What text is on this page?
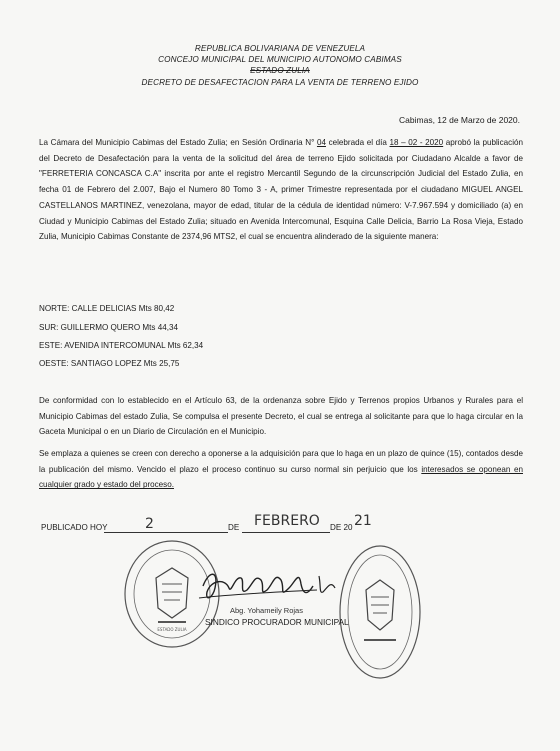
REPUBLICA BOLIVARIANA DE VENEZUELA
CONCEJO MUNICIPAL DEL MUNICIPIO AUTONOMO CABIMAS
ESTADO ZULIA
DECRETO DE DESAFECTACION PARA LA VENTA DE TERRENO EJIDO
Cabimas, 12 de Marzo de 2020.
La Cámara del Municipio Cabimas del Estado Zulia; en Sesión Ordinaria N° 04 celebrada el día 18 – 02 - 2020 aprobó la publicación del Decreto de Desafectación para la venta de la solicitud del área de terreno Ejido solicitada por Ciudadano Alcalde a favor de "FERRETERIA CONCASCA C.A" inscrita por ante el registro Mercantil Segundo de la circunscripción Judicial del Estado Zulia, en fecha 01 de Febrero del 2.007, Bajo el Numero 80 Tomo 3 - A, primer Trimestre representada por el ciudadano MIGUEL ANGEL CASTELLANOS MARTINEZ, venezolana, mayor de edad, titular de la cédula de identidad número: V-7.967.594 y domiciliado (a) en Ciudad y Municipio Cabimas del Estado Zulia; situado en Avenida Intercomunal, Esquina Calle Delicia, Barrio La Rosa Vieja, Estado Zulia, Municipio Cabimas Constante de 2374,96 MTS2, el cual se encuentra alinderado de la siguiente manera:
NORTE: CALLE DELICIAS Mts 80,42
SUR: GUILLERMO QUERO Mts 44,34
ESTE: AVENIDA INTERCOMUNAL Mts 62,34
OESTE: SANTIAGO LOPEZ Mts 25,75
De conformidad con lo establecido en el Artículo 63, de la ordenanza sobre Ejido y Terrenos propios Urbanos y Rurales para el Municipio Cabimas del estado Zulia, Se compulsa el presente Decreto, el cual se entrega al solicitante para que lo haga circular en la Gaceta Municipal o en un Diario de Circulación en el Municipio.
Se emplaza a quienes se creen con derecho a oponerse a la adquisición para que lo haga en un plazo de quince (15), contados desde la publicación del mismo. Vencido el plazo el proceso continuo su curso normal sin perjuicio que los interesados se oponean en cualquier grado y estado del proceso.
PUBLICADO HOY	2	DE FEBRERO DE 20 21
ESTADO ZULIA
Abg. Yohameily Rojas
SINDICO PROCURADOR MUNICIPAL
